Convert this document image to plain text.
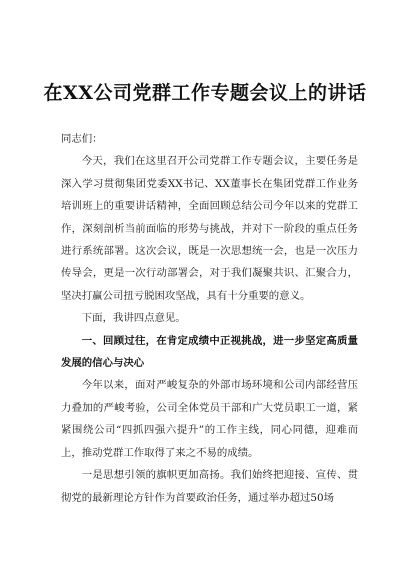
在XX公司党群工作专题会议上的讲话

同志们：

今天，我们在这里召开公司党群工作专题会议，主要任务是深入学习贯彻集团党委XX书记、XX董事长在集团党群工作业务培训班上的重要讲话精神，全面回顾总结公司今年以来的党群工作，深刻剖析当前面临的形势与挑战，并对下一阶段的重点任务进行系统部署。这次会议，既是一次思想统一会，也是一次压力传导会，更是一次行动部署会，对于我们凝聚共识、汇聚合力，坚决打赢公司扭亏脱困攻坚战，具有十分重要的意义。

下面，我讲四点意见。

一、回顾过往，在肯定成绩中正视挑战，进一步坚定高质量发展的信心与决心

今年以来，面对严峻复杂的外部市场环境和公司内部经营压力叠加的严峻考验，公司全体党员干部和广大党员职工一道，紧紧围绕公司“四抓四强六提升”的工作主线，同心同德，迎难而上，推动党群工作取得了来之不易的成绩。

一是思想引领的旗帜更加高扬。我们始终把迎接、宣传、贯彻党的最新理论方针作为首要政治任务，通过举办超过50场
